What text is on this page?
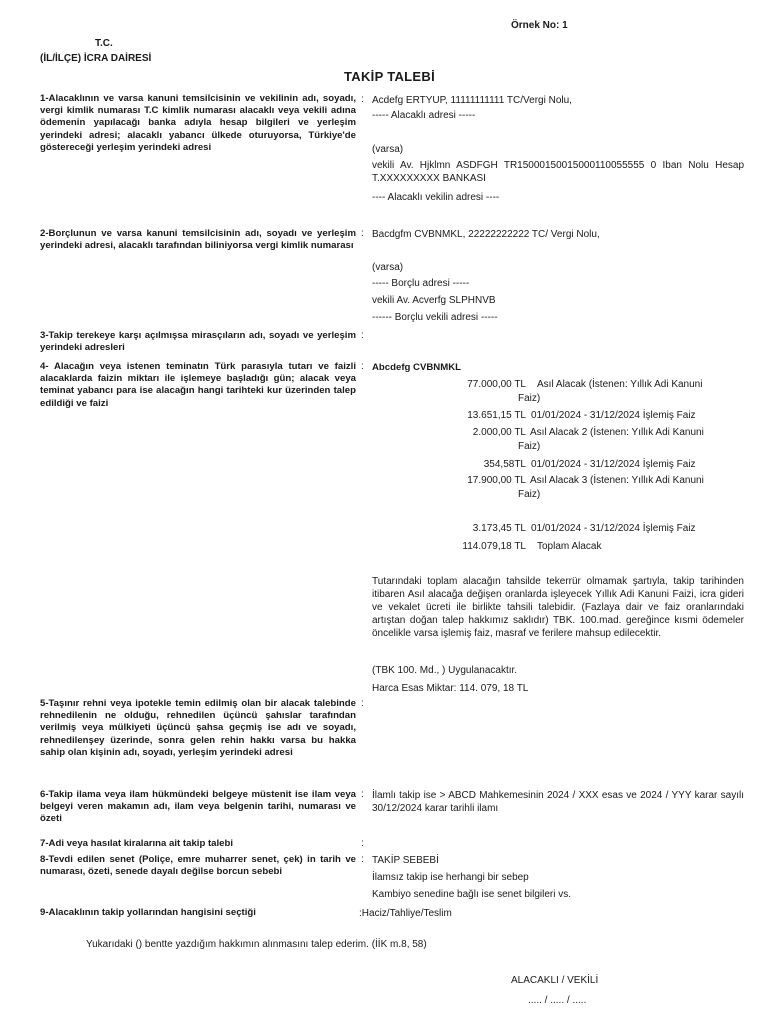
Örnek No: 1
T.C.
(İL/İLÇE) İCRA DAİRESİ
TAKİP TALEBİ
1-Alacaklının ve varsa kanuni temsilcisinin ve vekilinin adı, soyadı, vergi kimlik numarası T.C kimlik numarası alacaklı veya vekili adına ödemenin yapılacağı banka adıyla hesap bilgileri ve yerleşim yerindeki adresi; alacaklı yabancı ülkede oturuyorsa, Türkiye'de göstereceği yerleşim yerindeki adresi
: Acdefg ERTYUP, 11111111111 TC/Vergi Nolu,
----- Alacaklı adresi -----
(varsa)
vekili Av. Hjklmn ASDFGH TR15000150015000110055555 0 Iban Nolu Hesap T.XXXXXXXXX BANKASI
---- Alacaklı vekilin adresi ----
2-Borçlunun ve varsa kanuni temsilcisinin adı, soyadı ve yerleşim yerindeki adresi, alacaklı tarafından biliniyorsa vergi kimlik numarası
: Bacdgfm CVBNMKL, 22222222222 TC/ Vergi Nolu,
(varsa)
----- Borçlu adresi -----
vekili Av. Acverfg SLPHNVB
------ Borçlu vekili adresi -----
3-Takip terekeye karşı açılmışsa mirasçıların adı, soyadı ve yerleşim yerindeki adresleri
:
4- Alacağın veya istenen teminatın Türk parasıyla tutarı ve faizli alacaklarda faizin miktarı ile işlemeye başladığı gün; alacak veya teminat yabancı para ise alacağın hangi tarihteki kur üzerinden talep edildiği ve faizi
: Abcdefg CVBNMKL
77.000,00 TL Asıl Alacak (İstenen: Yıllık Adi Kanuni
Faiz)
13.651,15 TL 01/01/2024 - 31/12/2024 İşlemiş Faiz
2.000,00 TL Asıl Alacak 2 (İstenen: Yıllık Adi Kanuni
Faiz)
354,58TL 01/01/2024 - 31/12/2024 İşlemiş Faiz
17.900,00 TL Asıl Alacak 3 (İstenen: Yıllık Adi Kanuni
Faiz)
3.173,45 TL 01/01/2024 - 31/12/2024 İşlemiş Faiz
114.079,18 TL Toplam Alacak
Tutarındaki toplam alacağın tahsilde tekerrür olmamak şartıyla, takip tarihinden itibaren Asıl alacağa değişen oranlarda işleyecek Yıllık Adi Kanuni Faizi, icra gideri ve vekalet ücreti ile birlikte tahsili talebidir. (Fazlaya dair ve faiz oranlarındaki artıştan doğan talep hakkımız saklıdır) TBK. 100.mad. gereğince kısmi ödemeler öncelikle varsa işlemiş faiz, masraf ve ferilere mahsup edilecektir.
(TBK 100. Md., ) Uygulanacaktır.
Harca Esas Miktar: 114. 079, 18 TL
5-Taşınır rehni veya ipotekle temin edilmiş olan bir alacak talebinde rehnedilenin ne olduğu, rehnedilen üçüncü şahıslar tarafından verilmiş veya mülkiyeti üçüncü şahsa geçmiş ise adı ve soyadı, rehnedilenşey üzerinde, sonra gelen rehin hakkı varsa bu hakka sahip olan kişinin adı, soyadı, yerleşim yerindeki adresi
:
6-Takip ilama veya ilam hükmündeki belgeye müstenit ise ilam veya belgeyi veren makamın adı, ilam veya belgenin tarihi, numarası ve özeti
: İlamlı takip ise > ABCD Mahkemesinin 2024 / XXX esas ve 2024 / YYY karar sayılı 30/12/2024 karar tarihli ilamı
7-Adi veya hasılat kiralarına ait takip talebi	:
8-Tevdi edilen senet (Poliçe, emre muharrer senet, çek) in tarih ve numarası, özeti, senede dayalı değilse borcun sebebi
: TAKİP SEBEBİ
İlamsız takip ise herhangi bir sebep
Kambiyo senedine bağlı ise senet bilgileri vs.
9-Alacaklının takip yollarından hangisini seçtiği	:Haciz/Tahliye/Teslim
Yukarıdaki () bentte yazdığım hakkımın alınmasını talep ederim. (İİK m.8, 58)
ALACAKLI / VEKİLİ
..... / ..... / .....
